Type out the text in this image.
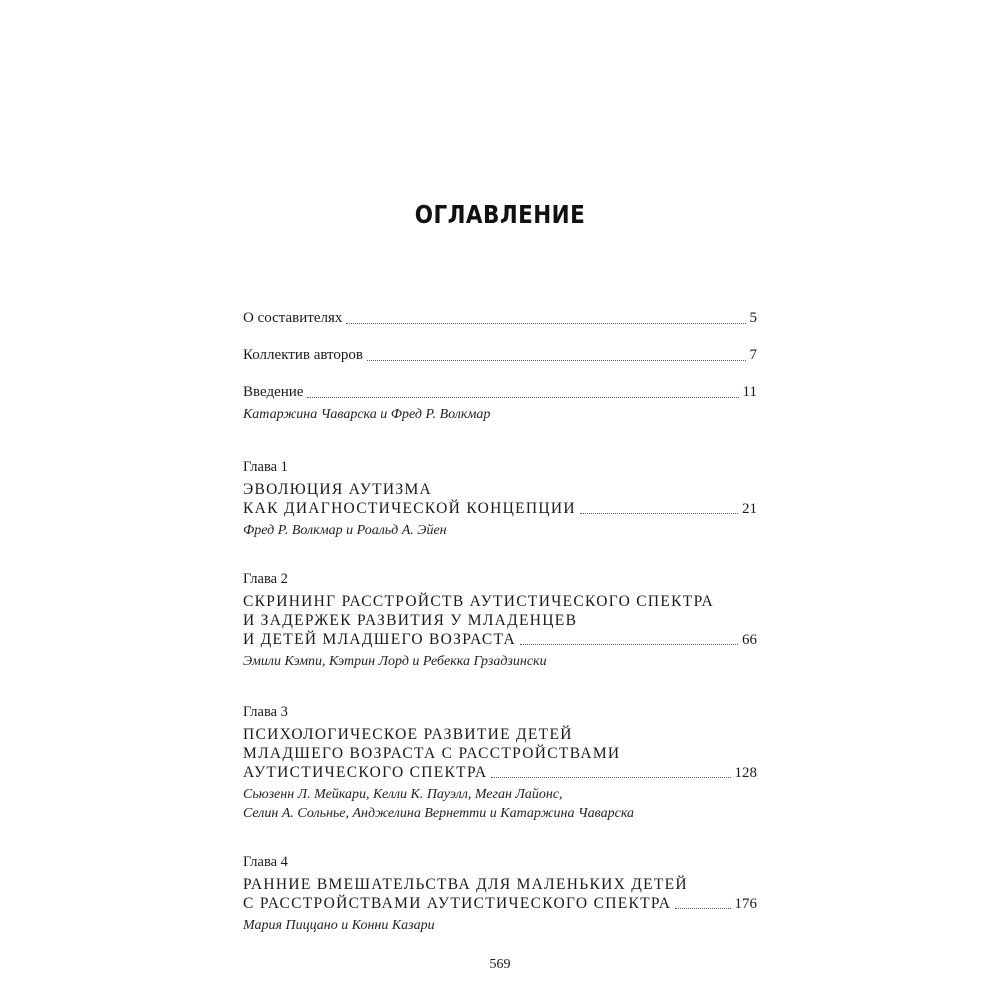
ОГЛАВЛЕНИЕ
О составителях	5
Коллектив авторов	7
Введение	11
Катаржина Чаварска и Фред Р. Волкмар
Глава 1
ЭВОЛЮЦИЯ АУТИЗМА
КАК ДИАГНОСТИЧЕСКОЙ КОНЦЕПЦИИ	21
Фред Р. Волкмар и Роальд А. Эйен
Глава 2
СКРИНИНГ РАССТРОЙСТВ АУТИСТИЧЕСКОГО СПЕКТРА
И ЗАДЕРЖЕК РАЗВИТИЯ У МЛАДЕНЦЕВ
И ДЕТЕЙ МЛАДШЕГО ВОЗРАСТА	66
Эмили Кэмпи, Кэтрин Лорд и Ребекка Грзадзински
Глава 3
ПСИХОЛОГИЧЕСКОЕ РАЗВИТИЕ ДЕТЕЙ
МЛАДШЕГО ВОЗРАСТА С РАССТРОЙСТВАМИ
АУТИСТИЧЕСКОГО СПЕКТРА	128
Сьюзенн Л. Мейкари, Келли К. Пауэлл, Меган Лайонс,
Селин А. Сольнье, Анджелина Вернетти и Катаржина Чаварска
Глава 4
РАННИЕ ВМЕШАТЕЛЬСТВА ДЛЯ МАЛЕНЬКИХ ДЕТЕЙ
С РАССТРОЙСТВАМИ АУТИСТИЧЕСКОГО СПЕКТРА	176
Мария Пиццано и Конни Казари
569
